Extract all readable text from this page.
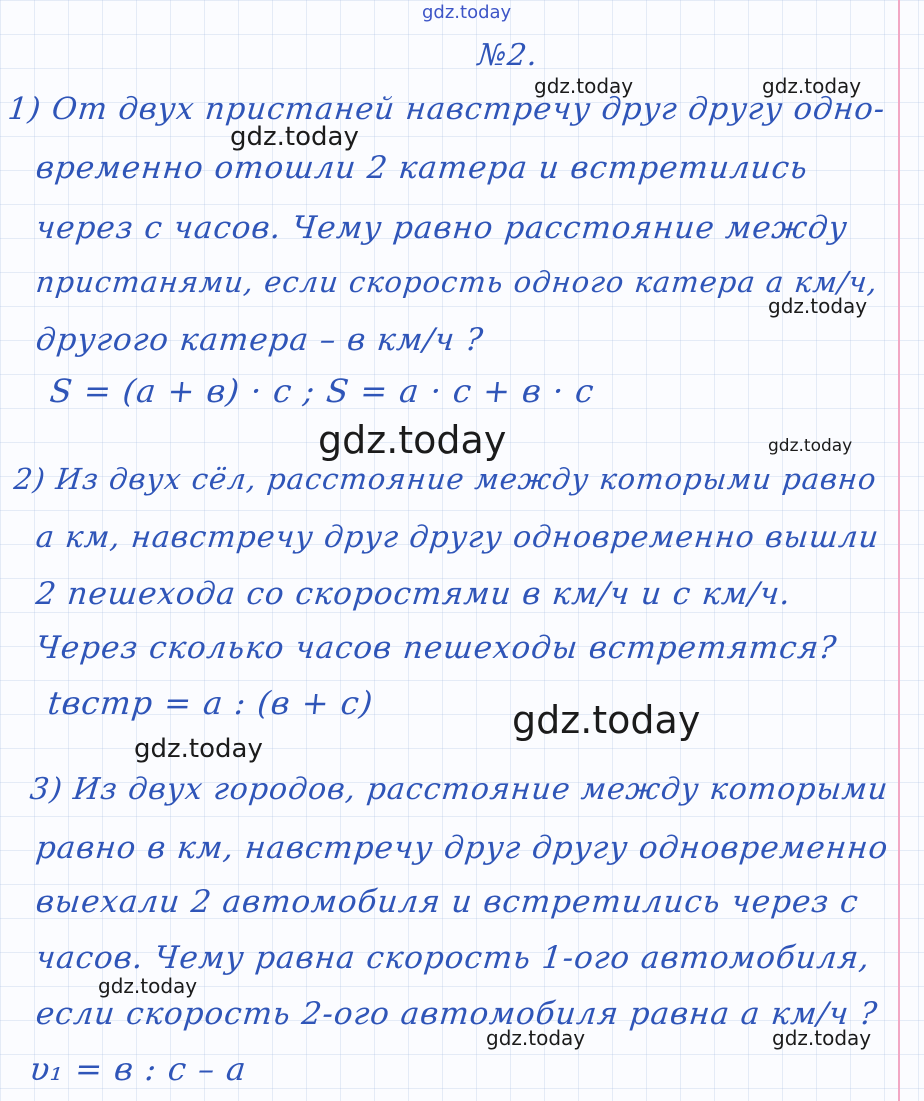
№2.
1) От двух пристаней навстречу друг другу одно-
временно отошли 2 катера и встретились
через с часов. Чему равно расстояние между
пристанями, если скорость одного катера а км/ч,
другого катера – в км/ч ?
S = (a + в) · c ; S = a · c + в · c
2) Из двух сёл, расстояние между которыми равно
а км, навстречу друг другу одновременно вышли
2 пешехода со скоростями в км/ч и с км/ч.
Через сколько часов пешеходы встретятся?
tвстр = a : (в + c)
3) Из двух городов, расстояние между которыми
равно в км, навстречу друг другу одновременно
выехали 2 автомобиля и встретились через с
часов. Чему равна скорость 1-ого автомобиля,
если скорость 2-ого автомобиля равна а км/ч ?
υ₁ = в : c – a
gdz.today
gdz.today	gdz.today
gdz.today
gdz.today
gdz.today	gdz.today
gdz.today
gdz.today
gdz.today
gdz.today	gdz.today
